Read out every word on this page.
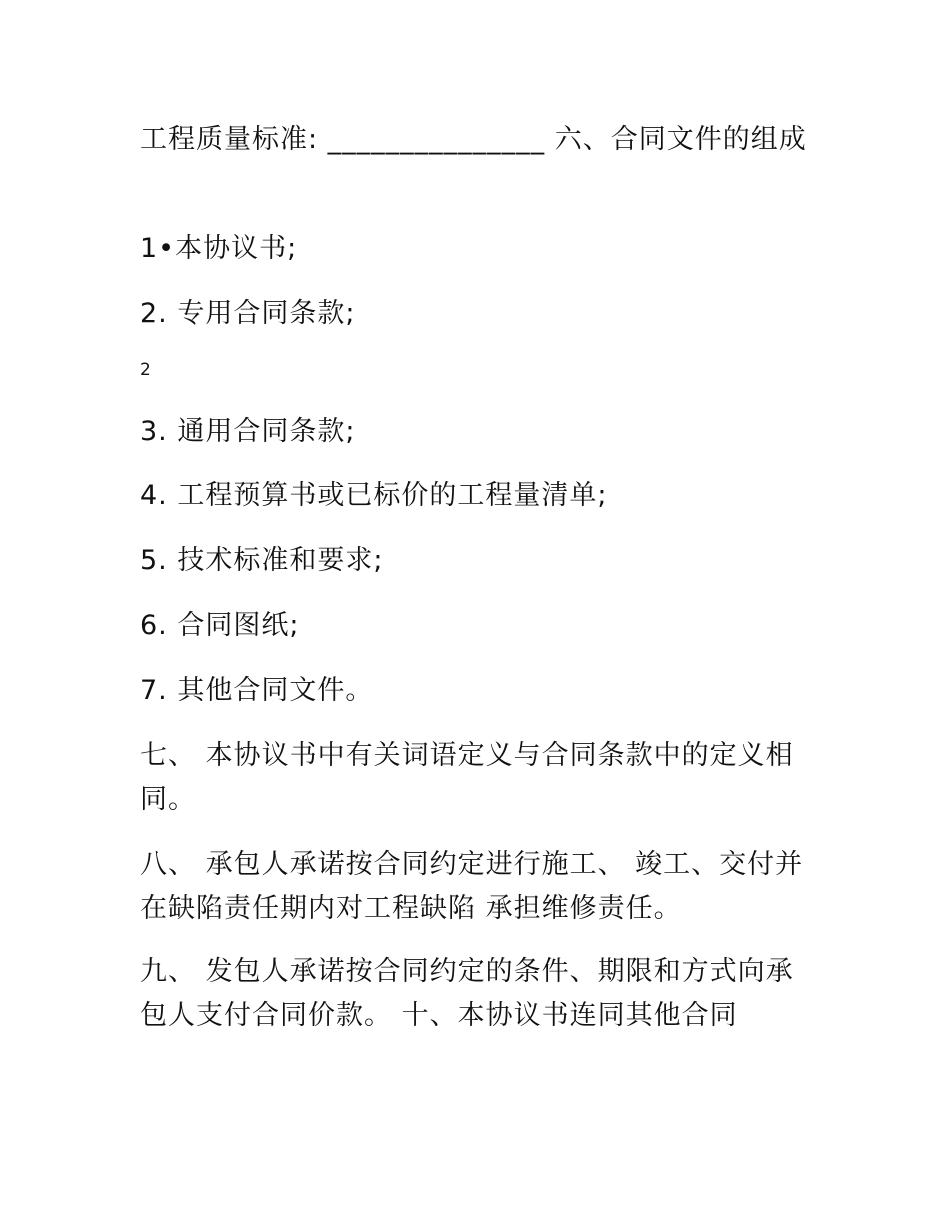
工程质量标准: _______________ 六、合同文件的组成

1•本协议书;

2. 专用合同条款;

2

3. 通用合同条款;

4. 工程预算书或已标价的工程量清单;

5. 技术标准和要求;

6. 合同图纸;

7. 其他合同文件。

七、 本协议书中有关词语定义与合同条款中的定义相同。

八、 承包人承诺按合同约定进行施工、 竣工、交付并在缺陷责任期内对工程缺陷 承担维修责任。

九、 发包人承诺按合同约定的条件、期限和方式向承包人支付合同价款。 十、本协议书连同其他合同
